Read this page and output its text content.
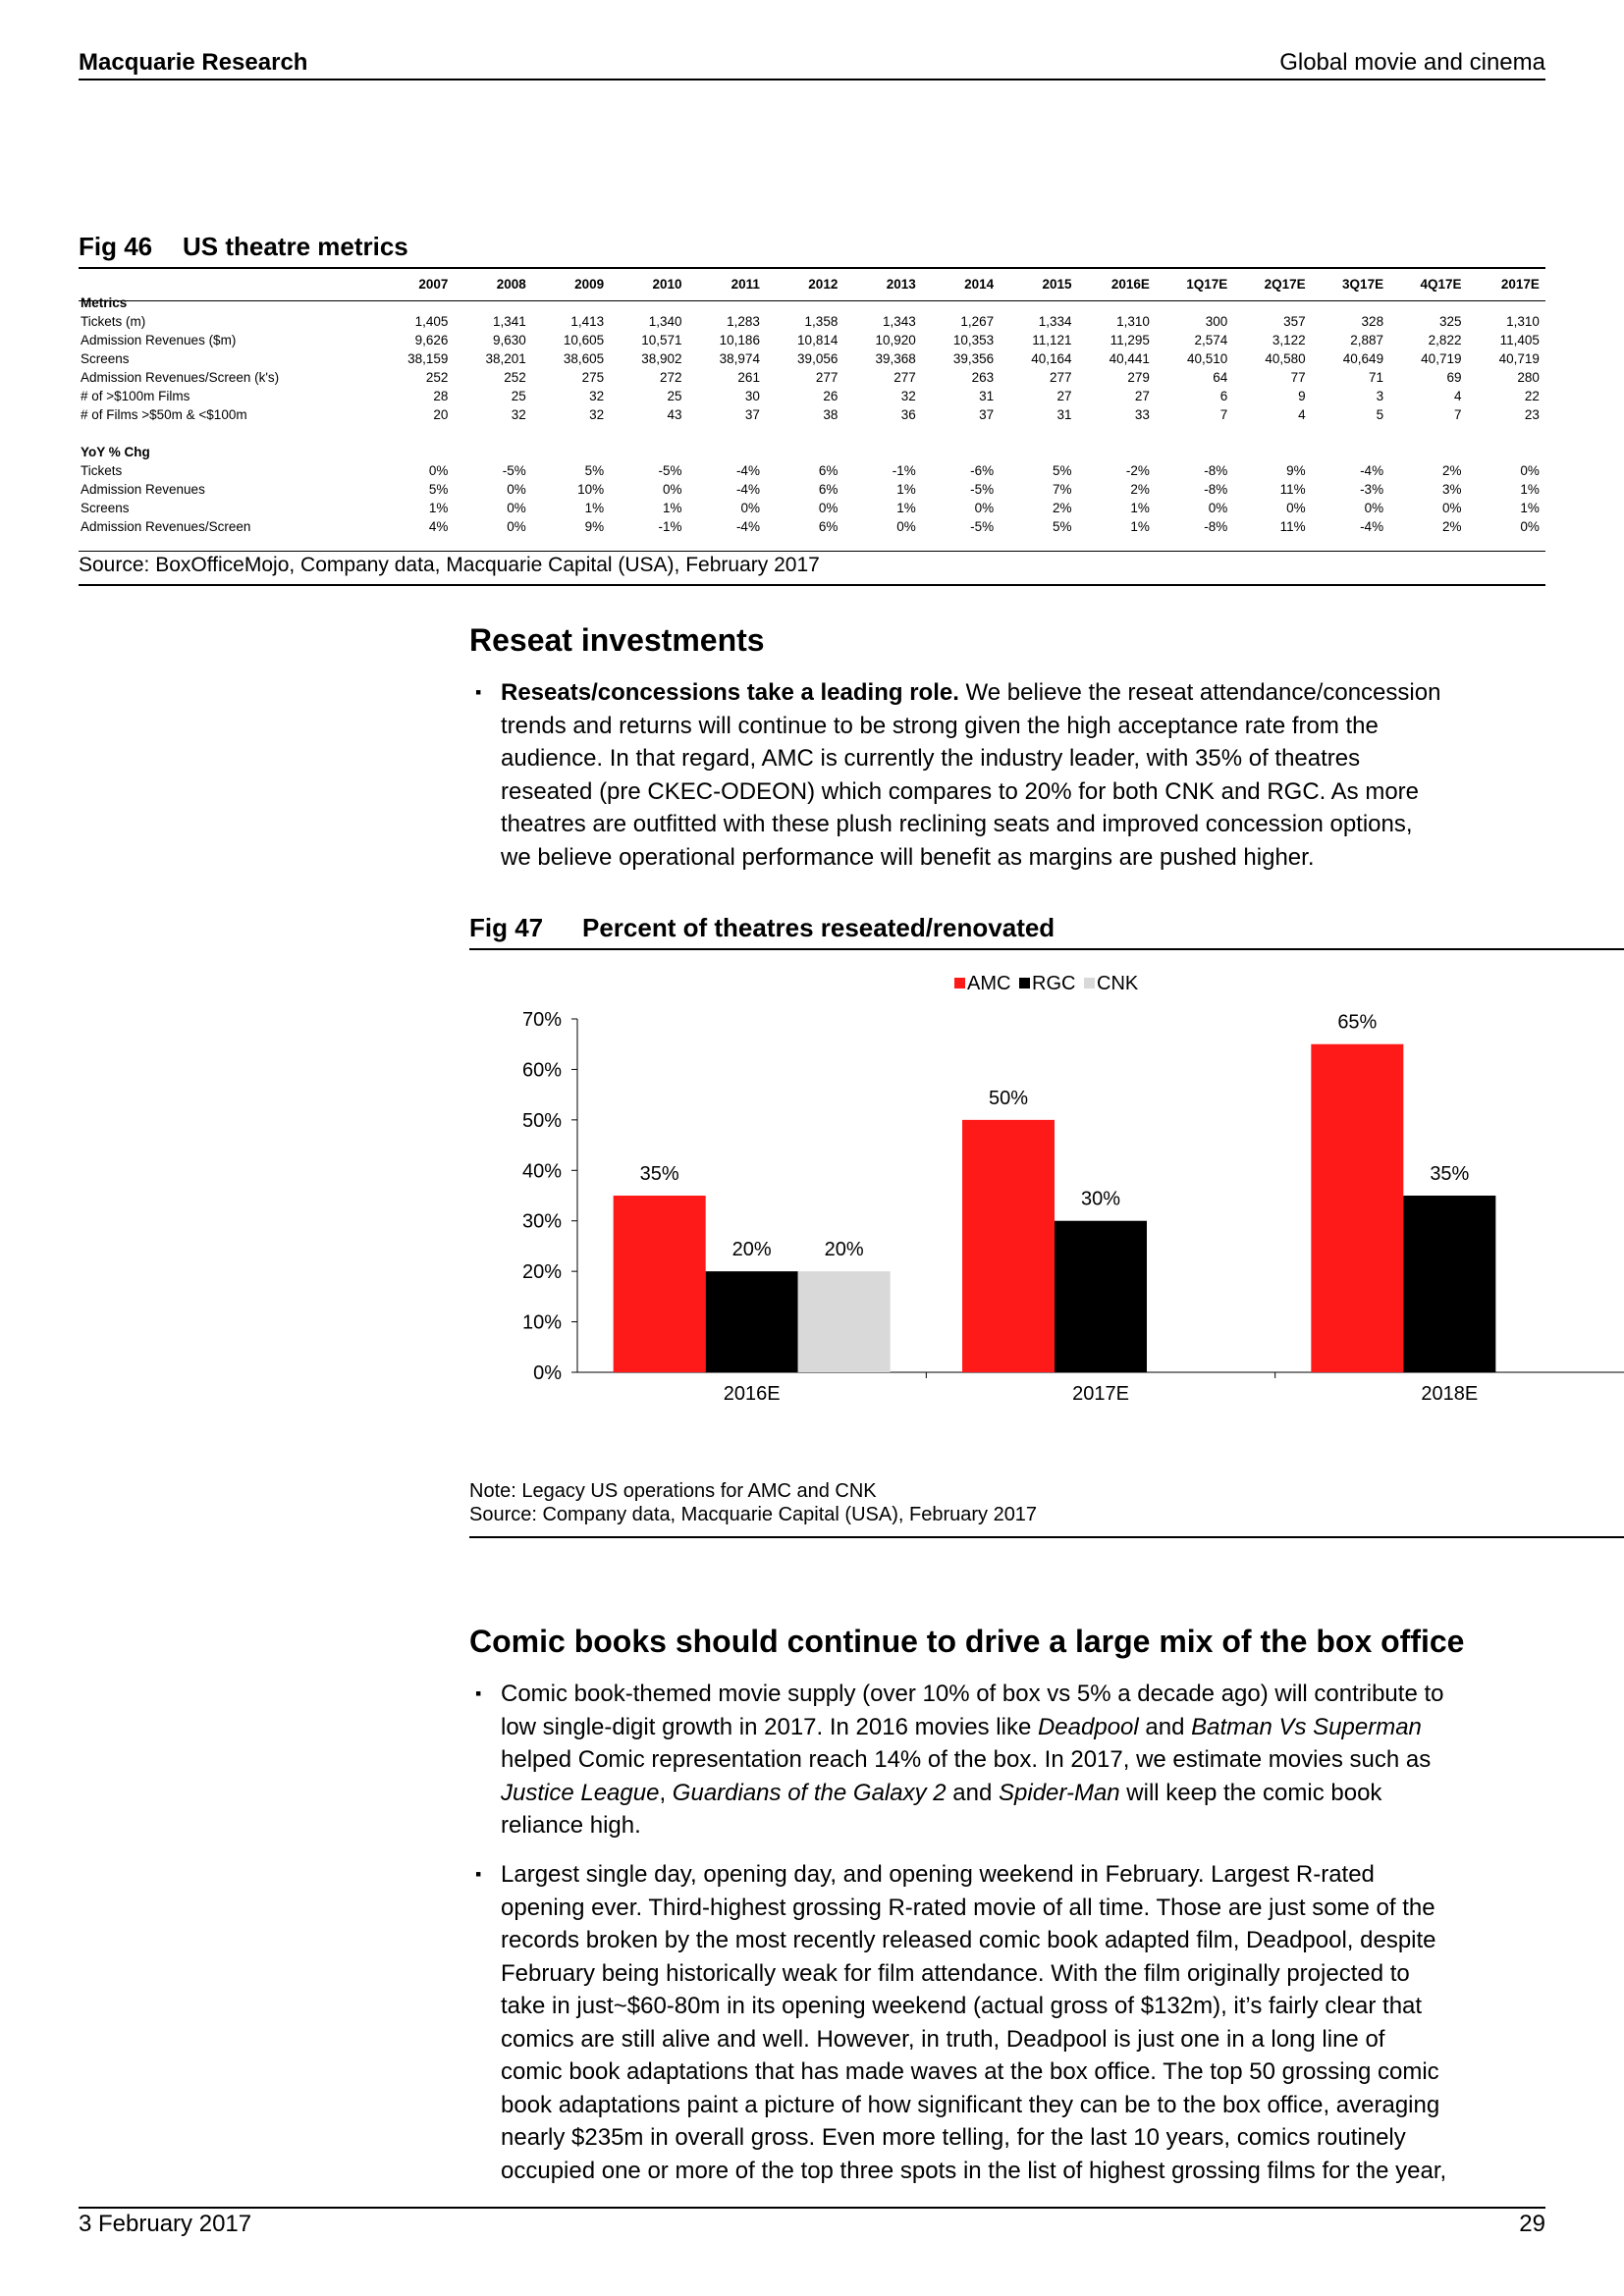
Macquarie Research	Global movie and cinema
Fig 46 US theatre metrics
	2007	2008	2009	2010	2011	2012	2013	2014	2015	2016E	1Q17E	2Q17E	3Q17E	4Q17E	2017E
Metrics															
Tickets (m)	1,405	1,341	1,413	1,340	1,283	1,358	1,343	1,267	1,334	1,310	300	357	328	325	1,310
Admission Revenues ($m)	9,626	9,630	10,605	10,571	10,186	10,814	10,920	10,353	11,121	11,295	2,574	3,122	2,887	2,822	11,405
Screens	38,159	38,201	38,605	38,902	38,974	39,056	39,368	39,356	40,164	40,441	40,510	40,580	40,649	40,719	40,719
Admission Revenues/Screen (k's)	252	252	275	272	261	277	277	263	277	279	64	77	71	69	280
# of >$100m Films	28	25	32	25	30	26	32	31	27	27	6	9	3	4	22
# of Films >$50m & <$100m	20	32	32	43	37	38	36	37	31	33	7	4	5	7	23

YoY % Chg															
Tickets	0%	-5%	5%	-5%	-4%	6%	-1%	-6%	5%	-2%	-8%	9%	-4%	2%	0%
Admission Revenues	5%	0%	10%	0%	-4%	6%	1%	-5%	7%	2%	-8%	11%	-3%	3%	1%
Screens	1%	0%	1%	1%	0%	0%	1%	0%	2%	1%	0%	0%	0%	0%	1%
Admission Revenues/Screen	4%	0%	9%	-1%	-4%	6%	0%	-5%	5%	1%	-8%	11%	-4%	2%	0%
Source: BoxOfficeMojo, Company data, Macquarie Capital (USA), February 2017
Reseat investments
▪ Reseats/concessions take a leading role. We believe the reseat attendance/concession
trends and returns will continue to be strong given the high acceptance rate from the
audience. In that regard, AMC is currently the industry leader, with 35% of theatres
reseated (pre CKEC-ODEON) which compares to 20% for both CNK and RGC. As more
theatres are outfitted with these plush reclining seats and improved concession options,
we believe operational performance will benefit as margins are pushed higher.
Fig 47 Percent of theatres reseated/renovated
0%
10%
20%
30%
40%
50%
60%
70%
2016E
35%
20%	20%
2017E
50%
30%
2018E
65%
35%
AMC RGC CNK
Note: Legacy US operations for AMC and CNK
Source: Company data, Macquarie Capital (USA), February 2017
Comic books should continue to drive a large mix of the box office
▪ Comic book-themed movie supply (over 10% of box vs 5% a decade ago) will contribute to
low single-digit growth in 2017. In 2016 movies like Deadpool and Batman Vs Superman
helped Comic representation reach 14% of the box. In 2017, we estimate movies such as
Justice League, Guardians of the Galaxy 2 and Spider-Man will keep the comic book
reliance high.
▪ Largest single day, opening day, and opening weekend in February. Largest R-rated
opening ever. Third-highest grossing R-rated movie of all time. Those are just some of the
records broken by the most recently released comic book adapted film, Deadpool, despite
February being historically weak for film attendance. With the film originally projected to
take in just~$60-80m in its opening weekend (actual gross of $132m), it’s fairly clear that
comics are still alive and well. However, in truth, Deadpool is just one in a long line of
comic book adaptations that has made waves at the box office. The top 50 grossing comic
book adaptations paint a picture of how significant they can be to the box office, averaging
nearly $235m in overall gross. Even more telling, for the last 10 years, comics routinely
occupied one or more of the top three spots in the list of highest grossing films for the year,
3 February 2017	29
